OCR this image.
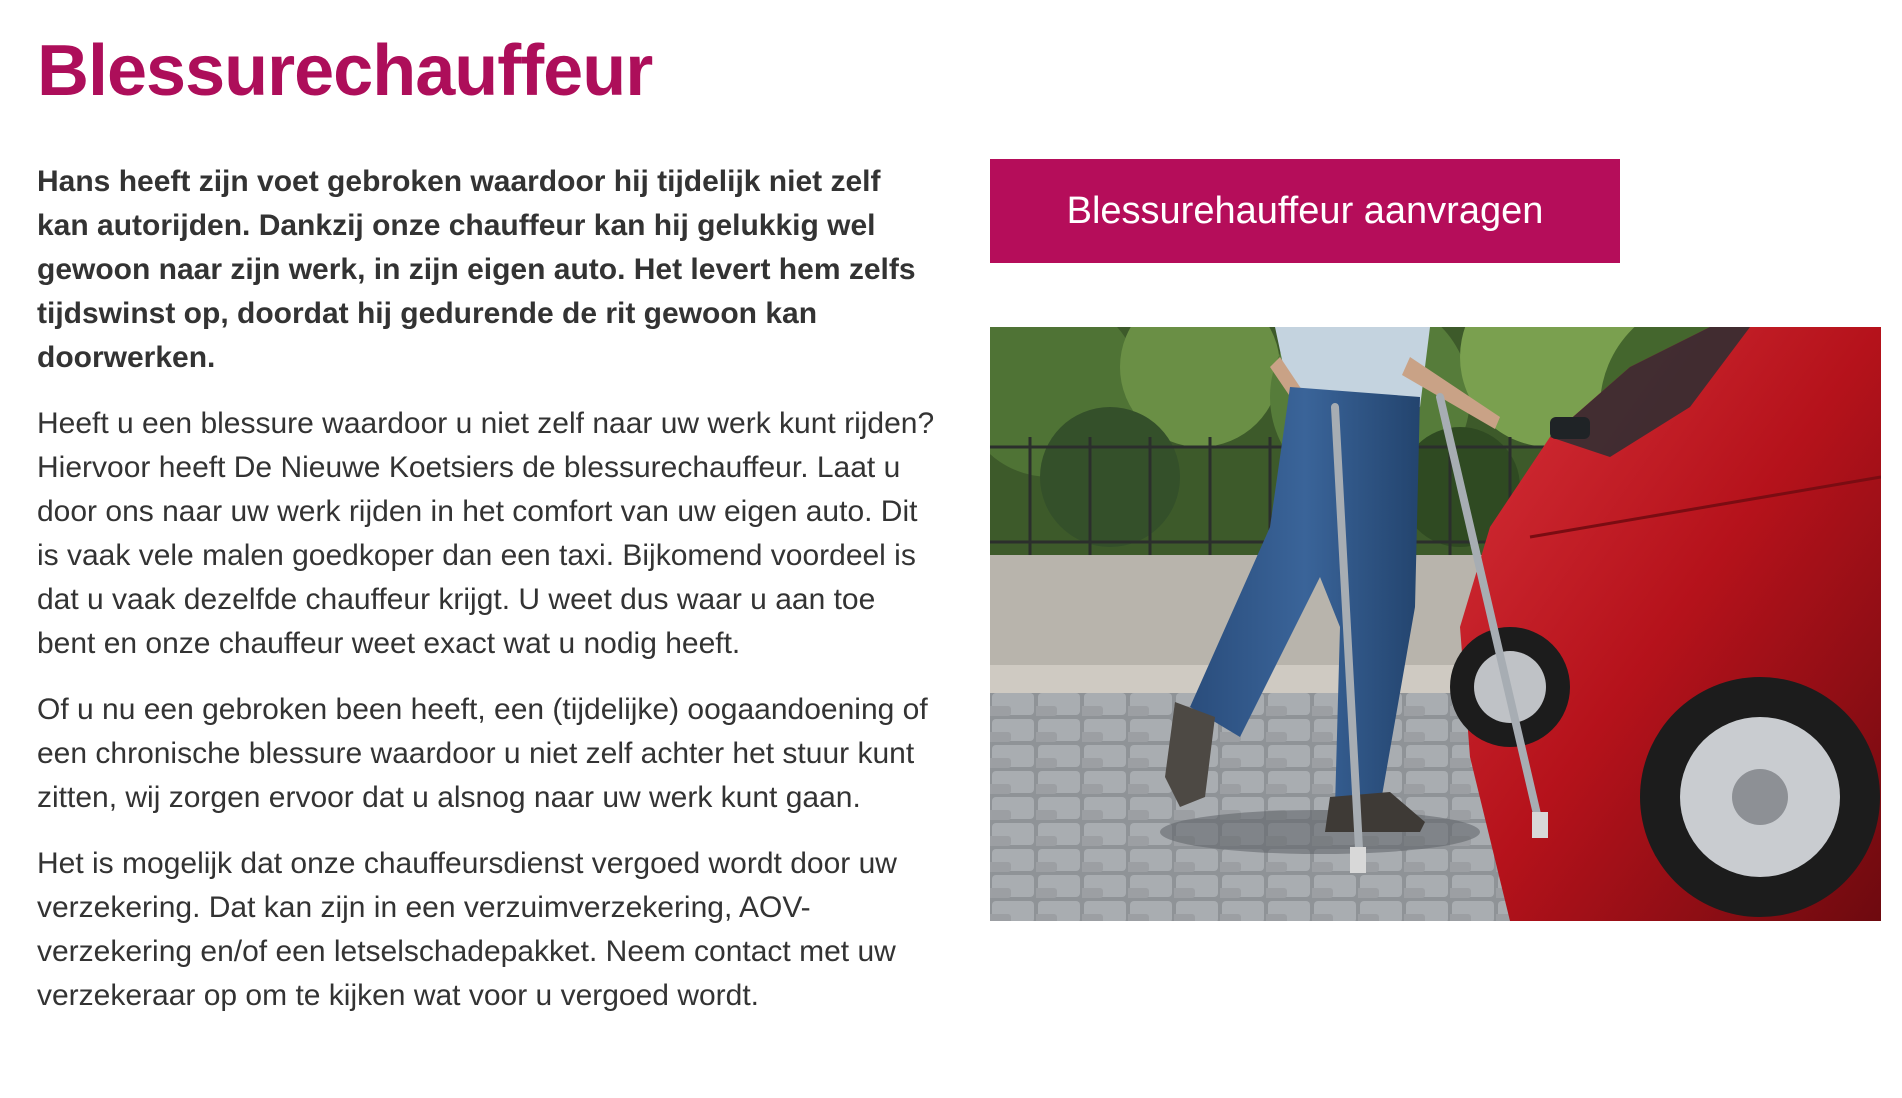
Blessurechauffeur

Hans heeft zijn voet gebroken waardoor hij tijdelijk niet zelf kan autorijden. Dankzij onze chauffeur kan hij gelukkig wel gewoon naar zijn werk, in zijn eigen auto. Het levert hem zelfs tijdswinst op, doordat hij gedurende de rit gewoon kan doorwerken.

Heeft u een blessure waardoor u niet zelf naar uw werk kunt rijden? Hiervoor heeft De Nieuwe Koetsiers de blessurechauffeur. Laat u door ons naar uw werk rijden in het comfort van uw eigen auto. Dit is vaak vele malen goedkoper dan een taxi. Bijkomend voordeel is dat u vaak dezelfde chauffeur krijgt. U weet dus waar u aan toe bent en onze chauffeur weet exact wat u nodig heeft.

Of u nu een gebroken been heeft, een (tijdelijke) oogaandoening of een chronische blessure waardoor u niet zelf achter het stuur kunt zitten, wij zorgen ervoor dat u alsnog naar uw werk kunt gaan.

Het is mogelijk dat onze chauffeursdienst vergoed wordt door uw verzekering. Dat kan zijn in een verzuimverzekering, AOV-verzekering en/of een letselschadepakket. Neem contact met uw verzekeraar op om te kijken wat voor u vergoed wordt.

Blessurehauffeur aanvragen
